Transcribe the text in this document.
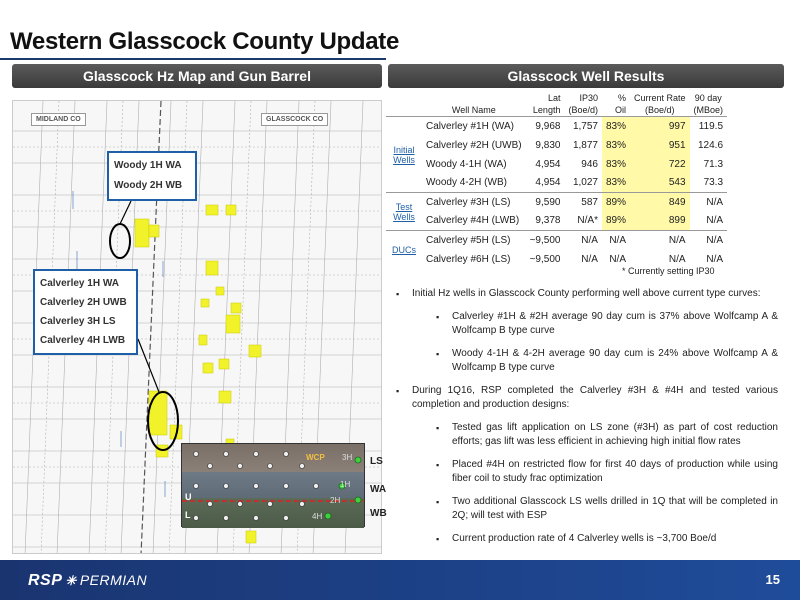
Western Glasscock County Update
Glasscock Hz Map and Gun Barrel	Glasscock Well Results
MIDLAND CO	GLASSCOCK CO
Woody 1H WA
Woody 2H WB
Calverley 1H WA
Calverley 2H UWB
Calverley 3H LS
Calverley 4H LWB
WCP 3H
1H
2H
4H
U
L
LS
WA
WB
		Lat	IP30	%	Current Rate	90 day
	Well Name	Length	(Boe/d)	Oil	(Boe/d)	(MBoe)
Initial
Wells	Calverley #1H (WA)	9,968	1,757	83%	997	119.5
	Calverley #2H (UWB)	9,830	1,877	83%	951	124.6
	Woody 4-1H (WA)	4,954	946	83%	722	71.3
	Woody 4-2H (WB)	4,954	1,027	83%	543	73.3
Test
Wells	Calverley #3H (LS)	9,590	587	89%	849	N/A
	Calverley #4H (LWB)	9,378	N/A*	89%	899	N/A
DUCs	Calverley #5H (LS)	~9,500	N/A	N/A	N/A	N/A
	Calverley #6H (LS)	~9,500	N/A	N/A	N/A	N/A
* Currently setting IP30
▪ Initial Hz wells in Glasscock County performing well above current type curves:
▪ Calverley #1H & #2H average 90 day cum is 37% above Wolfcamp A & Wolfcamp B type curve
▪ Woody 4-1H & 4-2H average 90 day cum is 24% above Wolfcamp A & Wolfcamp B type curve
▪ During 1Q16, RSP completed the Calverley #3H & #4H and tested various completion and production designs:
▪ Tested gas lift application on LS zone (#3H) as part of cost reduction efforts; gas lift was less efficient in achieving high initial flow rates
▪ Placed #4H on restricted flow for first 40 days of production while using fiber coil to study frac optimization
▪ Two additional Glasscock LS wells drilled in 1Q that will be completed in 2Q; will test with ESP
▪ Current production rate of 4 Calverley wells is ~3,700 Boe/d
RSP ✳ PERMIAN	15
